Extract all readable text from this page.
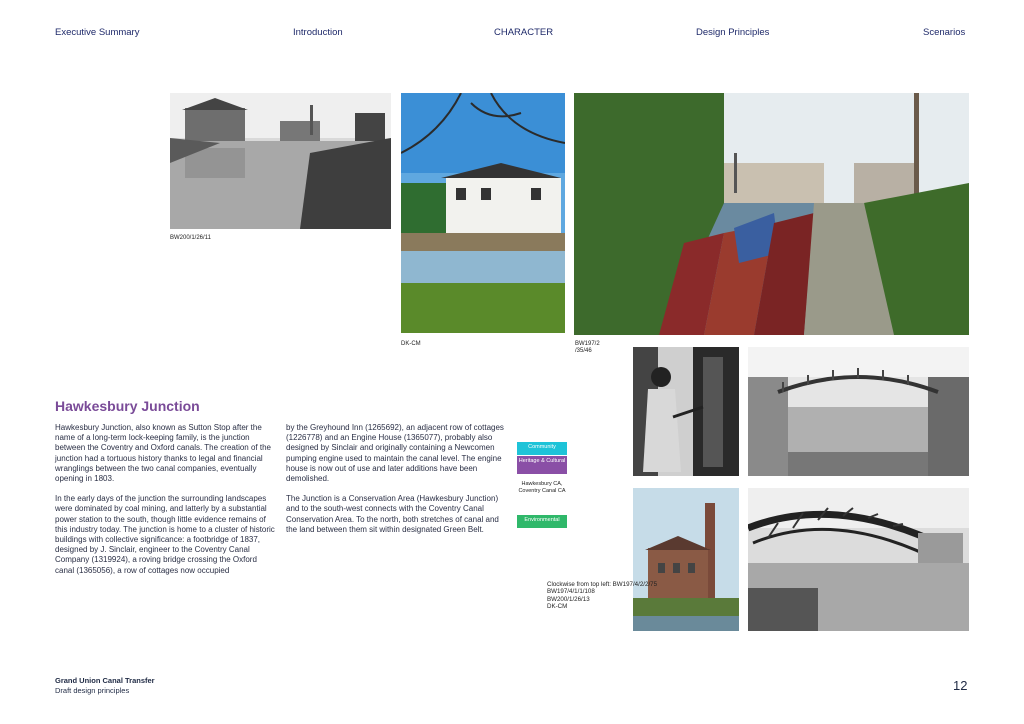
Executive Summary	Introduction	CHARACTER	Design Principles	Scenarios
BW200/1/26/11
DK-CM	BW197/2
/35/46
Hawkesbury Junction

Hawkesbury Junction, also known as Sutton Stop after the name of a long-term lock-keeping family, is the junction between the Coventry and Oxford canals. The creation of the junction had a tortuous history thanks to legal and financial wranglings between the two canal companies, eventually opening in 1803.

In the early days of the junction the surrounding landscapes were dominated by coal mining, and latterly by a substantial power station to the south, though little evidence remains of this industry today. The junction is home to a cluster of historic buildings with collective significance: a footbridge of 1837, designed by J. Sinclair, engineer to the Coventry Canal Company (1319924), a roving bridge crossing the Oxford canal (1365056), a row of cottages now occupied

by the Greyhound Inn (1265692), an adjacent row of cottages (1226778) and an Engine House (1365077), probably also designed by Sinclair and originally containing a Newcomen pumping engine used to maintain the canal level. The engine house is now out of use and later additions have been demolished.

The Junction is a Conservation Area (Hawkesbury Junction) and to the south-west connects with the Coventry Canal Conservation Area. To the north, both stretches of canal and the land between them sit within designated Green Belt.

Community
Heritage & Cultural
Hawkesbury CA, Coventry Canal CA
Environmental
Clockwise from top left: BW197/4/2/2/75
BW197/4/1/1/108
BW200/1/26/13
DK-CM
Grand Union Canal Transfer
Draft design principles	12
